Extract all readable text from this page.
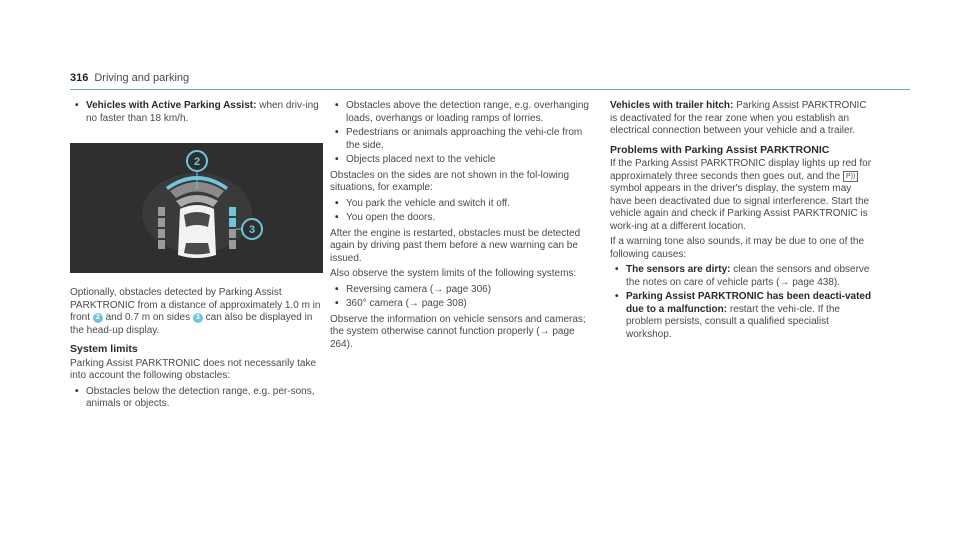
316 Driving and parking
• Vehicles with Active Parking Assist: when driv-ing no faster than 18 km/h.
2
3

Optionally, obstacles detected by Parking Assist PARKTRONIC from a distance of approximately 1.0 m in front 2 and 0.7 m on sides 3 can also be displayed in the head-up display.

System limits

Parking Assist PARKTRONIC does not necessarily take into account the following obstacles:

• Obstacles below the detection range, e.g. per-sons, animals or objects.
• Obstacles above the detection range, e.g. overhanging loads, overhangs or loading ramps of lorries.
• Pedestrians or animals approaching the vehi-cle from the side.
• Objects placed next to the vehicle

Obstacles on the sides are not shown in the fol-lowing situations, for example:

• You park the vehicle and switch it off.
• You open the doors.

After the engine is restarted, obstacles must be detected again by driving past them before a new warning can be issued.

Also observe the system limits of the following systems:

• Reversing camera (→ page 306)
• 360° camera (→ page 308)

Observe the information on vehicle sensors and cameras; the system otherwise cannot function properly (→ page 264).

Vehicles with trailer hitch: Parking Assist PARKTRONIC is deactivated for the rear zone when you establish an electrical connection between your vehicle and a trailer.

Problems with Parking Assist PARKTRONIC

If the Parking Assist PARKTRONIC display lights up red for approximately three seconds then goes out, and the P)) symbol appears in the driver's display, the system may have been deactivated due to signal interference. Start the vehicle again and check if Parking Assist PARKTRONIC is work-ing at a different location.

If a warning tone also sounds, it may be due to one of the following causes:

• The sensors are dirty: clean the sensors and observe the notes on care of vehicle parts (→ page 438).
• Parking Assist PARKTRONIC has been deacti-vated due to a malfunction: restart the vehi-cle. If the problem persists, consult a qualified specialist workshop.
